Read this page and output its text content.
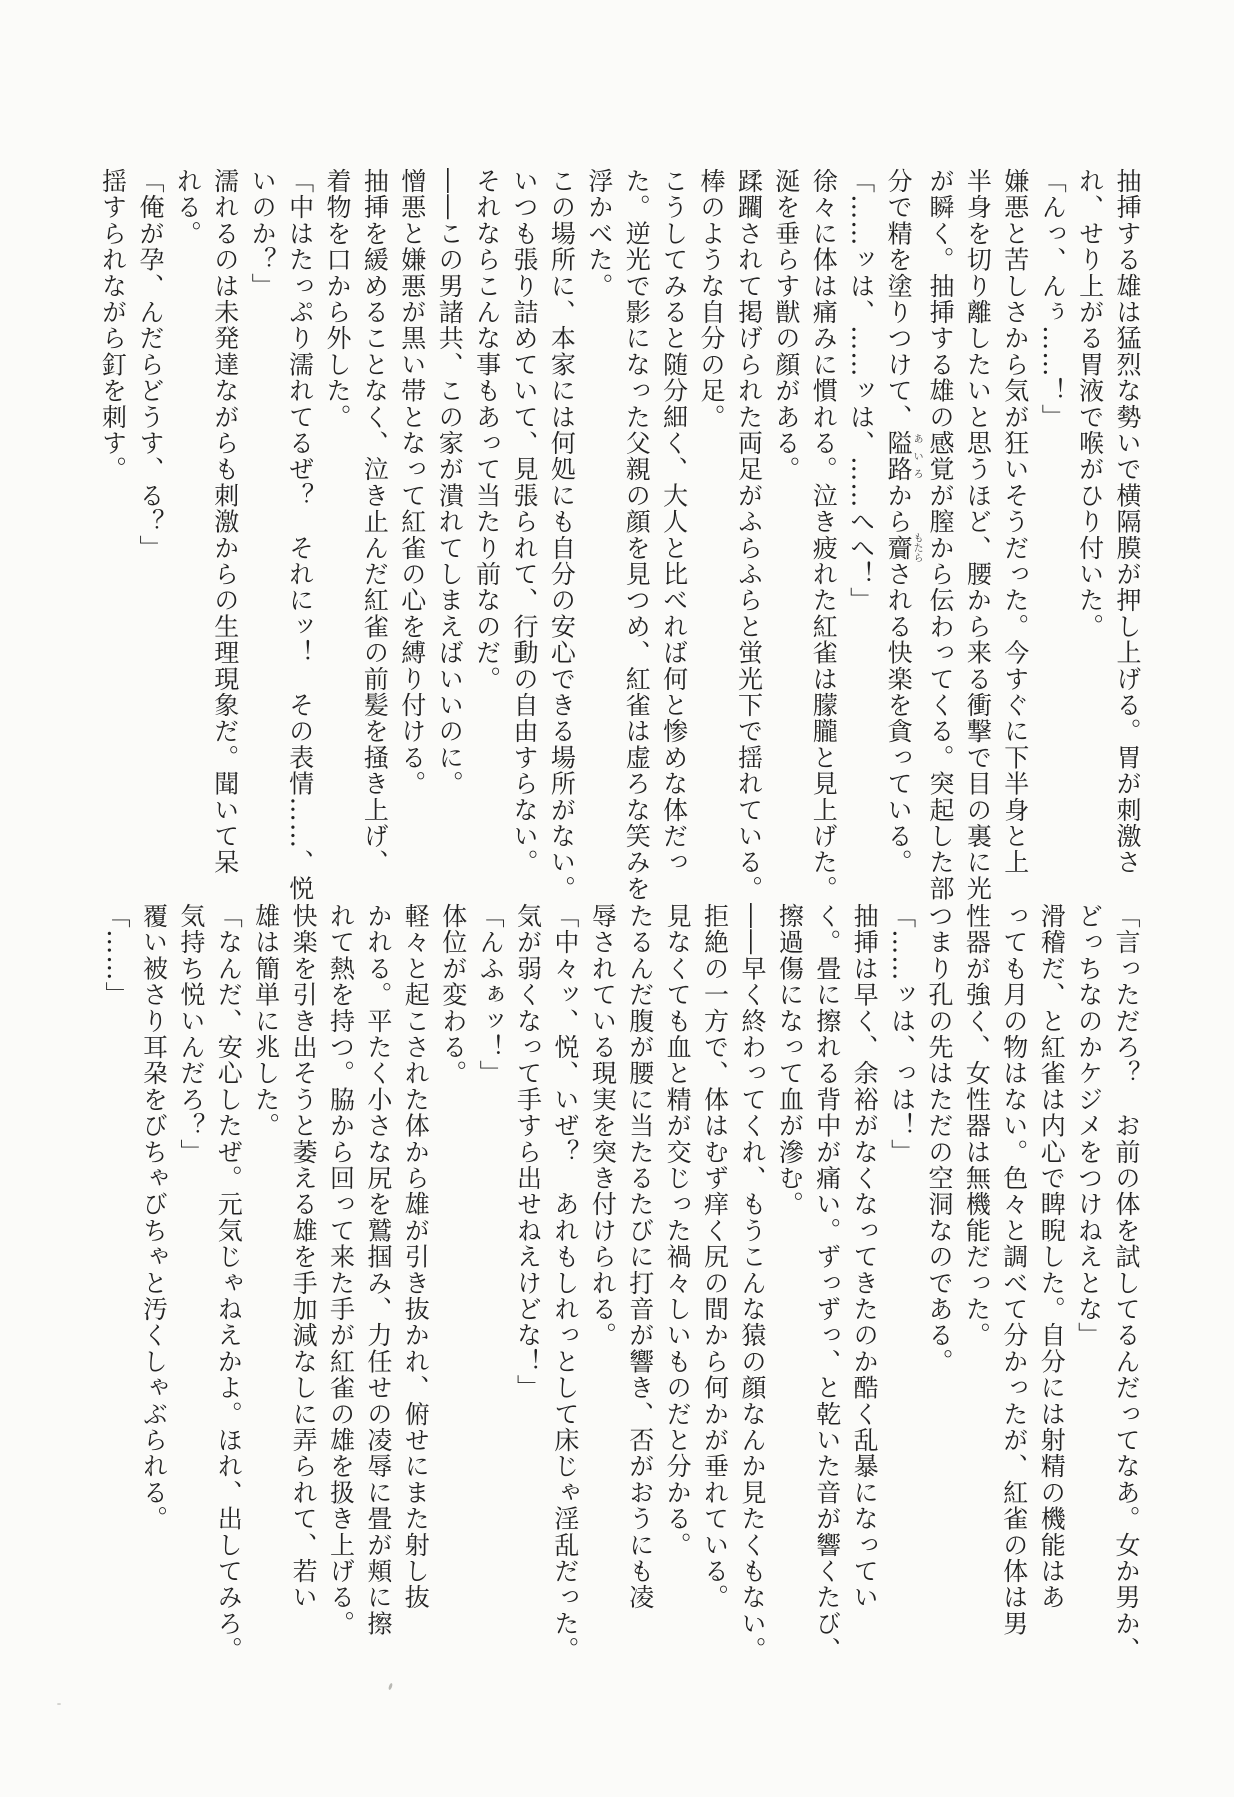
抽挿する雄は猛烈な勢いで横隔膜が押し上げる。胃が刺激さ
れ、せり上がる胃液で喉がひり付いた。
「んっ、んぅ……！」
嫌悪と苦しさから気が狂いそうだった。今すぐに下半身と上
半身を切り離したいと思うほど、腰から来る衝撃で目の裏に光
が瞬く。抽挿する雄の感覚が膣から伝わってくる。突起した部
分で精を塗りつけて、隘路あいろから齎もたらされる快楽を貪っている。
「……ッは、……ッは、……へへ！」
徐々に体は痛みに慣れる。泣き疲れた紅雀は朦朧と見上げた。
涎を垂らす獣の顔がある。
蹂躙されて掲げられた両足がふらふらと蛍光下で揺れている。
棒のような自分の足。
こうしてみると随分細く、大人と比べれば何と惨めな体だっ
た。逆光で影になった父親の顔を見つめ、紅雀は虚ろな笑みを
浮かべた。
この場所に、本家には何処にも自分の安心できる場所がない。
いつも張り詰めていて、見張られて、行動の自由すらない。
それならこんな事もあって当たり前なのだ。
――この男諸共、この家が潰れてしまえばいいのに。
憎悪と嫌悪が黒い帯となって紅雀の心を縛り付ける。
抽挿を緩めることなく、泣き止んだ紅雀の前髪を掻き上げ、
着物を口から外した。
「中はたっぷり濡れてるぜ？　それにッ！　その表情……、悦
いのか？」
濡れるのは未発達ながらも刺激からの生理現象だ。聞いて呆
れる。
「俺が孕、んだらどうす、る？」
揺すられながら釘を刺す。
「言っただろ？　お前の体を試してるんだってなあ。女か男か、
どっちなのかケジメをつけねえとな」
滑稽だ、と紅雀は内心で睥睨した。自分には射精の機能はあ
っても月の物はない。色々と調べて分かったが、紅雀の体は男
性器が強く、女性器は無機能だった。
つまり孔の先はただの空洞なのである。
「……ッは、っは！」
抽挿は早く、余裕がなくなってきたのか酷く乱暴になってい
く。畳に擦れる背中が痛い。ずっずっ、と乾いた音が響くたび、
擦過傷になって血が滲む。
――早く終わってくれ、もうこんな猿の顔なんか見たくもない。
拒絶の一方で、体はむず痒く尻の間から何かが垂れている。
見なくても血と精が交じった禍々しいものだと分かる。
たるんだ腹が腰に当たるたびに打音が響き、否がおうにも凌
辱されている現実を突き付けられる。
「中々ッ、悦、いぜ？　あれもしれっとして床じゃ淫乱だった。
気が弱くなって手すら出せねえけどな！」
「んふぁッ！」
体位が変わる。
軽々と起こされた体から雄が引き抜かれ、俯せにまた射し抜
かれる。平たく小さな尻を鷲掴み、力任せの凌辱に畳が頬に擦
れて熱を持つ。脇から回って来た手が紅雀の雄を扱き上げる。
快楽を引き出そうと萎える雄を手加減なしに弄られて、若い
雄は簡単に兆した。
「なんだ、安心したぜ。元気じゃねえかよ。ほれ、出してみろ。
気持ち悦いんだろ？」
覆い被さり耳朶をびちゃびちゃと汚くしゃぶられる。
「……」
